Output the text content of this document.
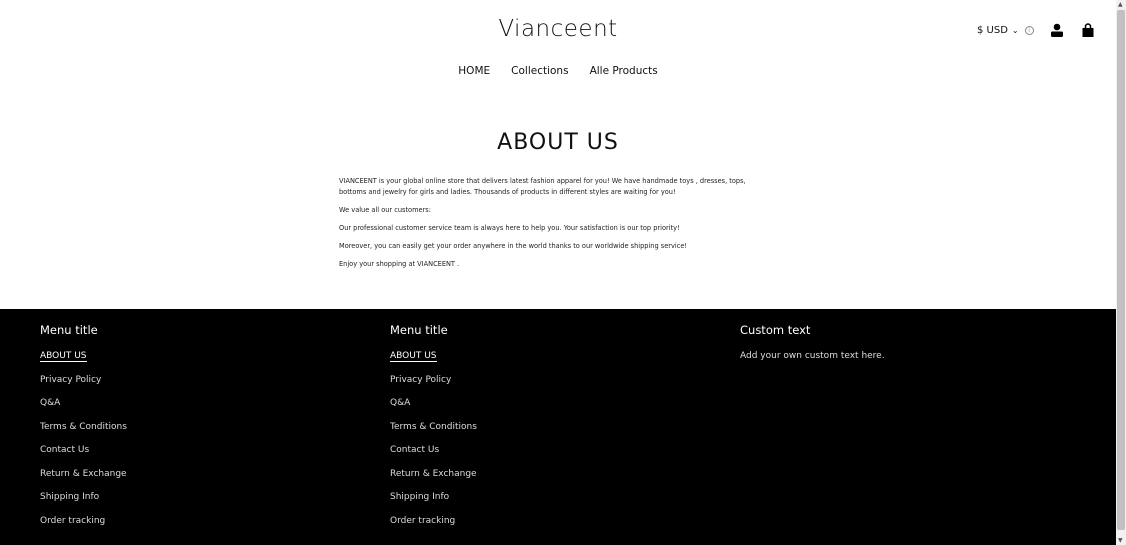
Vianceent	$ USD ⌄	i
HOME Collections Alle Products
ABOUT US

VIANCEENT is your global online store that delivers latest fashion apparel for you! We have handmade toys , dresses, tops, bottoms and jewelry for girls and ladies. Thousands of products in different styles are waiting for you!

We value all our customers:

Our professional customer service team is always here to help you. Your satisfaction is our top priority!

Moreover, you can easily get your order anywhere in the world thanks to our worldwide shipping service!

Enjoy your shopping at VIANCEENT .

Menu title
ABOUT US
Privacy Policy
Q&A
Terms & Conditions
Contact Us
Return & Exchange
Shipping Info
Order tracking
Menu title
ABOUT US
Privacy Policy
Q&A
Terms & Conditions
Contact Us
Return & Exchange
Shipping Info
Order tracking
Custom text

Add your own custom text here.

▲
▼
